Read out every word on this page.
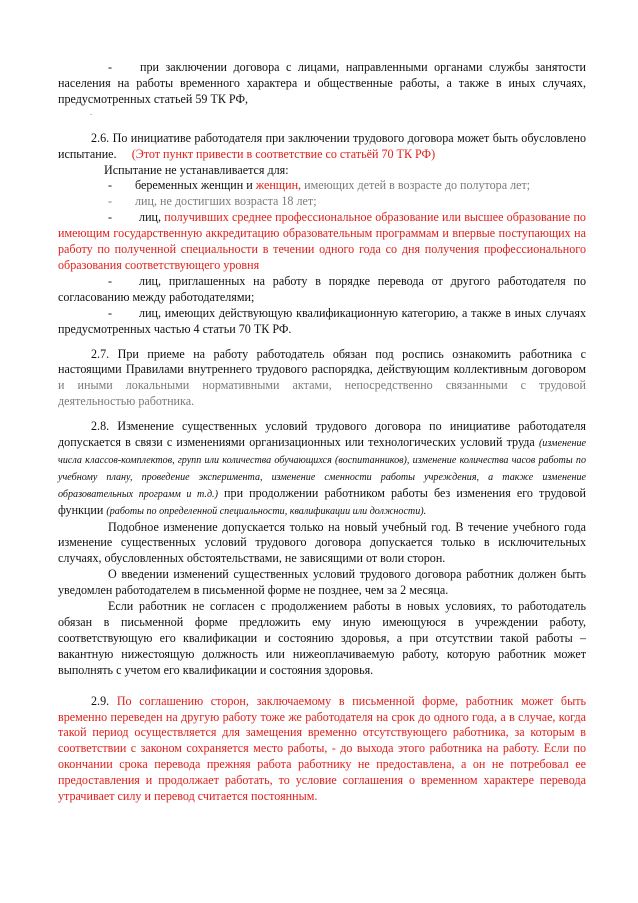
- при заключении договора с лицами, направленными органами службы занятости населения на работы временного характера и общественные работы, а также в иных случаях, предусмотренных статьей 59 ТК РФ,

.

2.6. По инициативе работодателя при заключении трудового договора может быть обусловлено испытание. (Этот пункт привести в соответствие со статьёй 70 ТК РФ)

Испытание не устанавливается для:

- беременных женщин и женщин, имеющих детей в возрасте до полутора лет;

- лиц, не достигших возраста 18 лет;

- лиц, получивших среднее профессиональное образование или высшее образование по имеющим государственную аккредитацию образовательным программам и впервые поступающих на работу по полученной специальности в течении одного года со дня получения профессионального образования соответствующего уровня

- лиц, приглашенных на работу в порядке перевода от другого работодателя по согласованию между работодателями;

- лиц, имеющих действующую квалификационную категорию, а также в иных случаях предусмотренных частью 4 статьи 70 ТК РФ.

2.7. При приеме на работу работодатель обязан под роспись ознакомить работника с настоящими Правилами внутреннего трудового распорядка, действующим коллективным договором и иными локальными нормативными актами, непосредственно связанными с трудовой деятельностью работника.

2.8. Изменение существенных условий трудового договора по инициативе работодателя допускается в связи с изменениями организационных или технологических условий труда (изменение числа классов-комплектов, групп или количества обучающихся (воспитанников), изменение количества часов работы по учебному плану, проведение эксперимента, изменение сменности работы учреждения, а также изменение образовательных программ и т.д.) при продолжении работником работы без изменения его трудовой функции (работы по определенной специальности, квалификации или должности).

Подобное изменение допускается только на новый учебный год. В течение учебного года изменение существенных условий трудового договора допускается только в исключительных случаях, обусловленных обстоятельствами, не зависящими от воли сторон.

О введении изменений существенных условий трудового договора работник должен быть уведомлен работодателем в письменной форме не позднее, чем за 2 месяца.

Если работник не согласен с продолжением работы в новых условиях, то работодатель обязан в письменной форме предложить ему иную имеющуюся в учреждении работу, соответствующую его квалификации и состоянию здоровья, а при отсутствии такой работы – вакантную нижестоящую должность или нижеоплачиваемую работу, которую работник может выполнять с учетом его квалификации и состояния здоровья.

2.9. По соглашению сторон, заключаемому в письменной форме, работник может быть временно переведен на другую работу тоже же работодателя на срок до одного года, а в случае, когда такой период осуществляется для замещения временно отсутствующего работника, за которым в соответствии с законом сохраняется место работы, - до выхода этого работника на работу. Если по окончании срока перевода прежняя работа работнику не предоставлена, а он не потребовал ее предоставления и продолжает работать, то условие соглашения о временном характере перевода утрачивает силу и перевод считается постоянным.
